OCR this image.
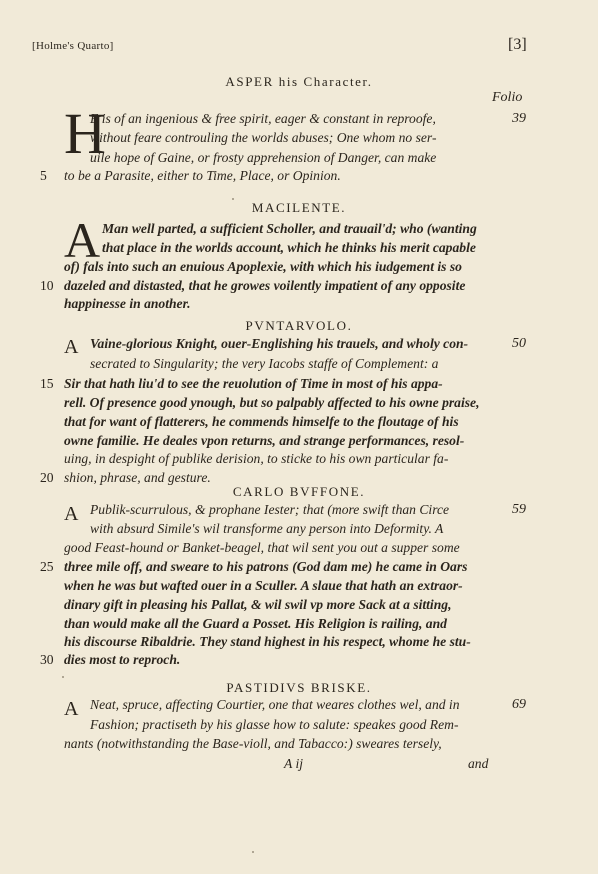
[Holme's Quarto]	[3]
ASPER his Character.
Folio
H
E is of an ingenious & free spirit, eager & constant in reproofe,	39
without feare controuling the worlds abuses; One whom no ser-
uile hope of Gaine, or frosty apprehension of Danger, can make
5 to be a Parasite, either to Time, Place, or Opinion.
MACILENTE.
A Man well parted, a sufficient Scholler, and trauail'd; who (wanting
that place in the worlds account, which he thinks his merit capable
of) fals into such an enuious Apoplexie, with which his iudgement is so
10 dazeled and distasted, that he growes voilently impatient of any opposite
happinesse in another.
PVNTARVOLO.
A Vaine-glorious Knight, ouer-Englishing his trauels, and wholy con-	50
secrated to Singularity; the very Iacobs staffe of Complement: a
15 Sir that hath liu'd to see the reuolution of Time in most of his appa-
rell. Of presence good ynough, but so palpably affected to his owne praise,
that for want of flatterers, he commends himselfe to the floutage of his
owne familie. He deales vpon returns, and strange performances, resol-
uing, in despight of publike derision, to sticke to his own particular fa-
20 shion, phrase, and gesture.
CARLO BVFFONE.
A Publik-scurrulous, & prophane Iester; that (more swift than Circe	59
with absurd Simile's wil transforme any person into Deformity. A
good Feast-hound or Banket-beagel, that wil sent you out a supper some
25 three mile off, and sweare to his patrons (God dam me) he came in Oars
when he was but wafted ouer in a Sculler. A slaue that hath an extraor-
dinary gift in pleasing his Pallat, & wil swil vp more Sack at a sitting,
than would make all the Guard a Posset. His Religion is railing, and
his discourse Ribaldrie. They stand highest in his respect, whome he stu-
30 dies most to reproch.
PASTIDIVS BRISKE.
A Neat, spruce, affecting Courtier, one that weares clothes wel, and in	69
Fashion; practiseth by his glasse how to salute: speakes good Rem-
nants (notwithstanding the Base-violl, and Tabacco:) sweares tersely,
A ij	and
